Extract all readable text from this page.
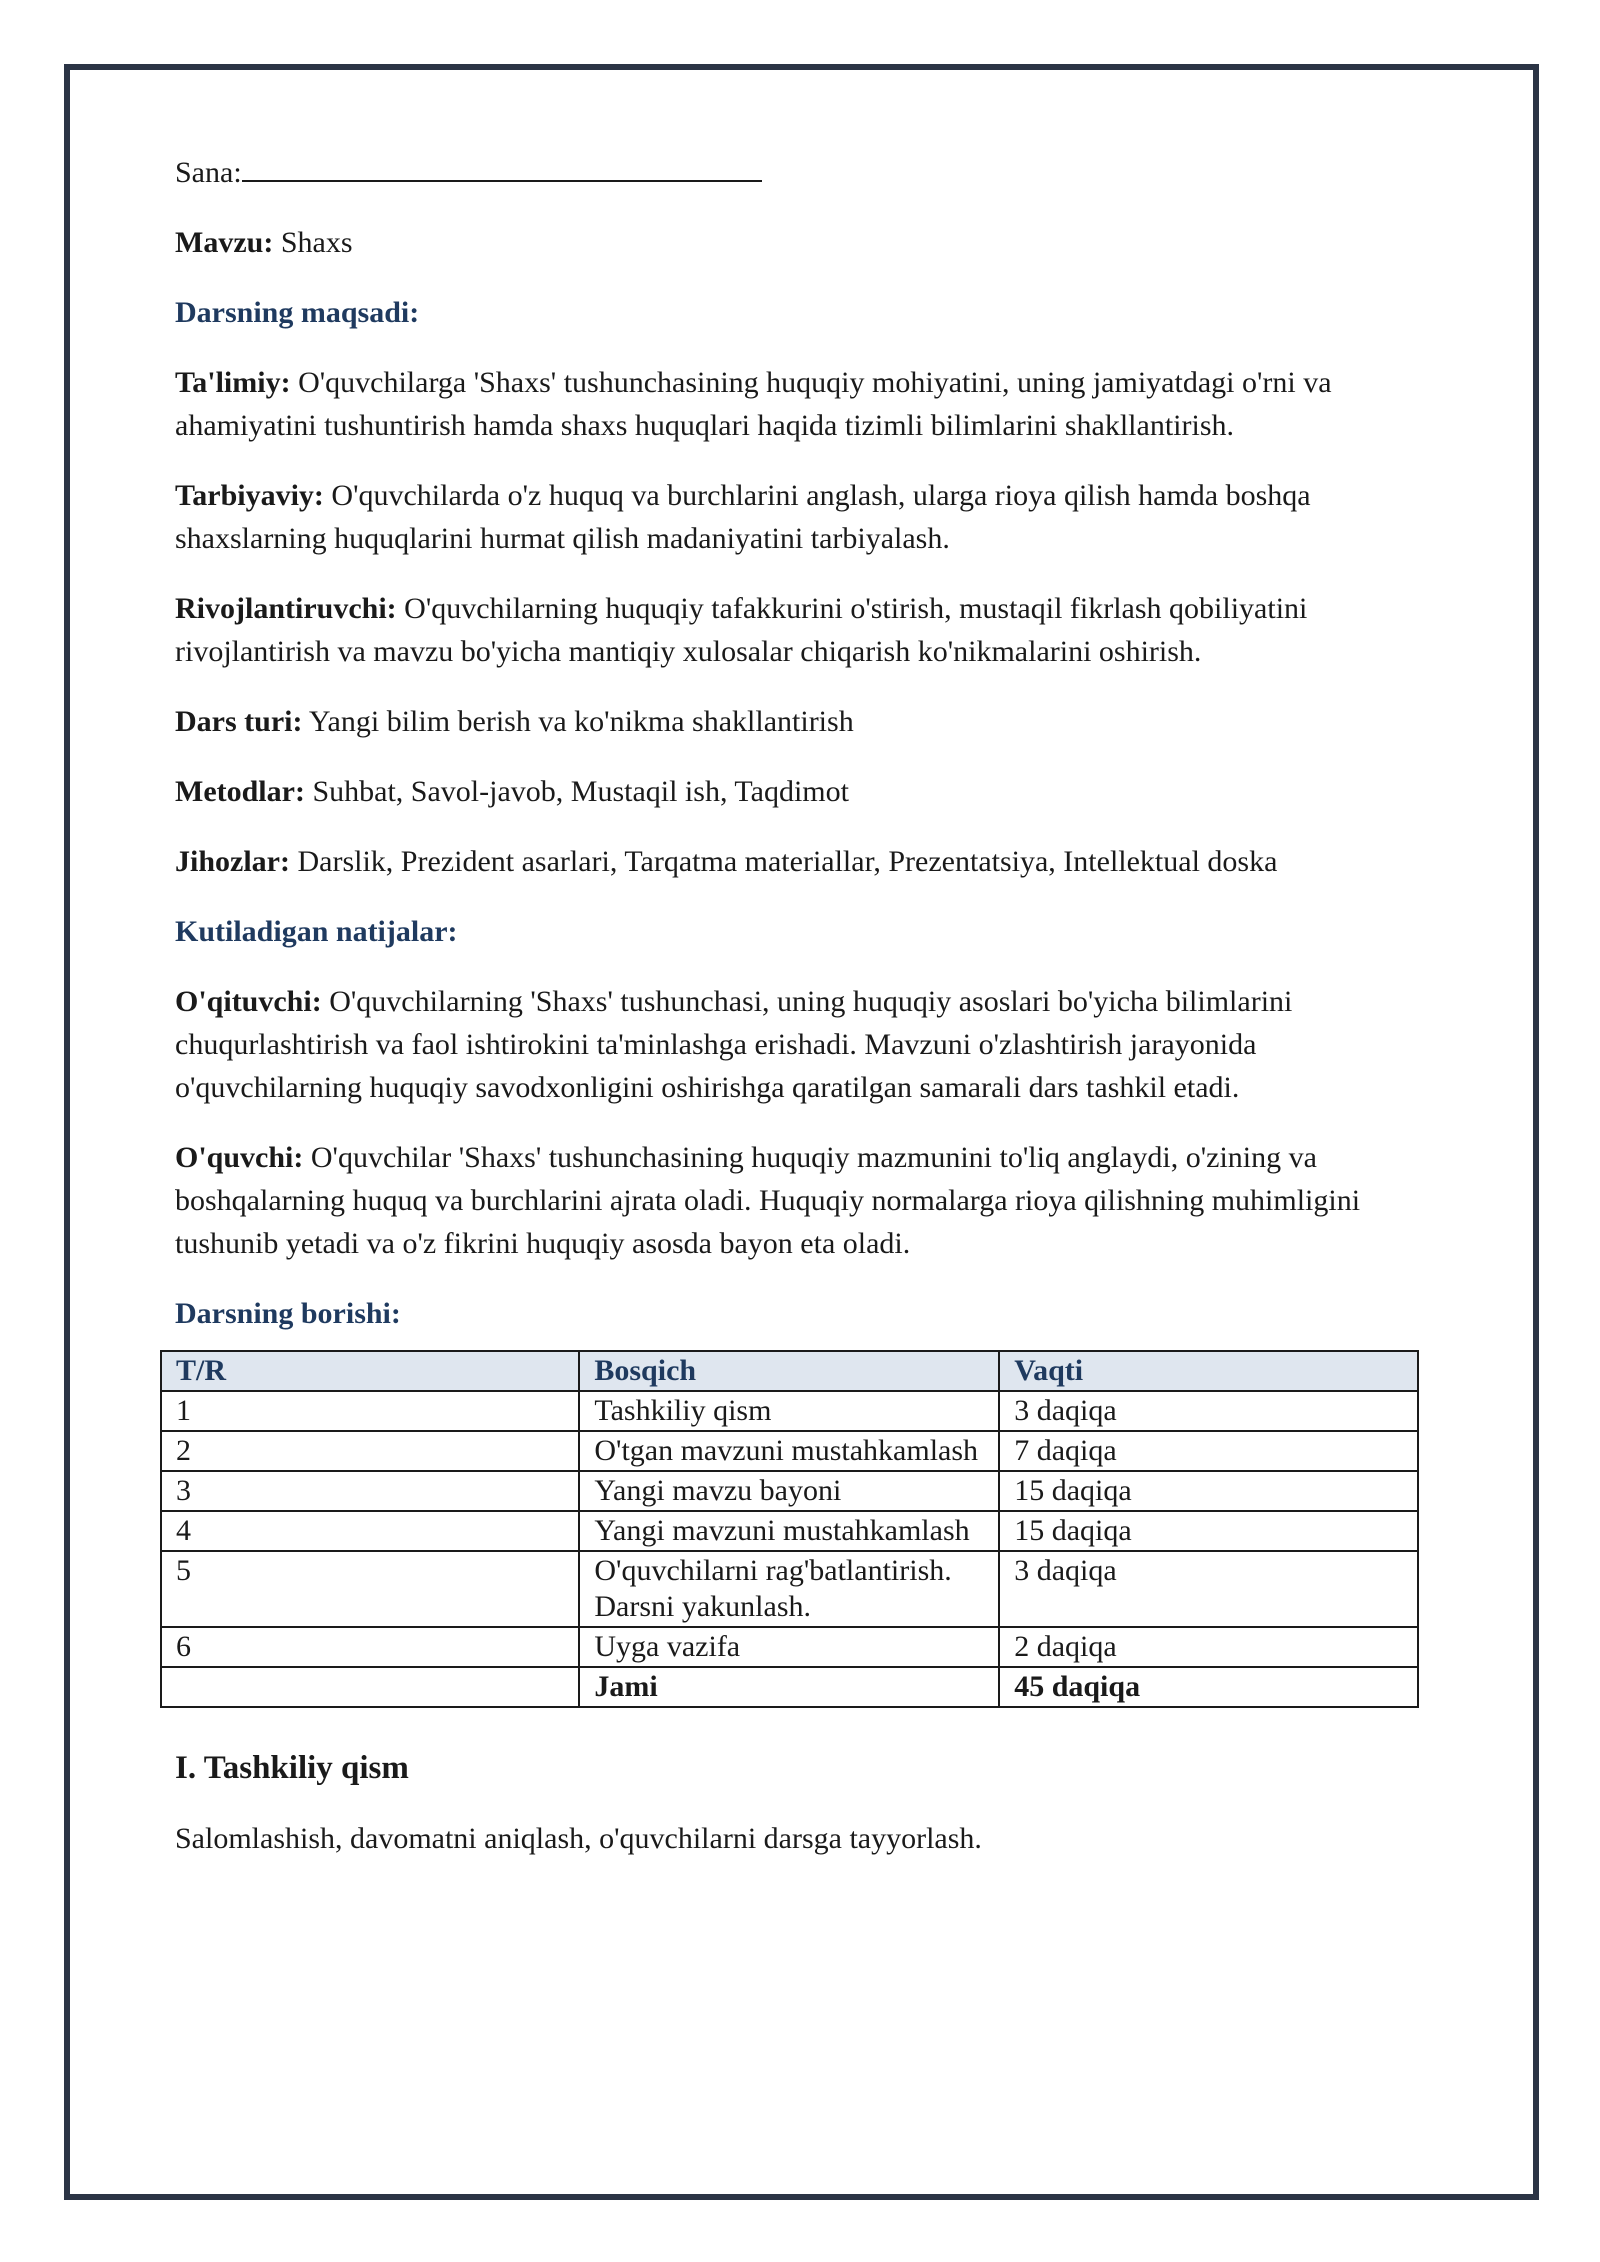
Sana:

Mavzu: Shaxs

Darsning maqsadi:

Ta'limiy: O'quvchilarga 'Shaxs' tushunchasining huquqiy mohiyatini, uning jamiyatdagi o'rni va ahamiyatini tushuntirish hamda shaxs huquqlari haqida tizimli bilimlarini shakllantirish.

Tarbiyaviy: O'quvchilarda o'z huquq va burchlarini anglash, ularga rioya qilish hamda boshqa shaxslarning huquqlarini hurmat qilish madaniyatini tarbiyalash.

Rivojlantiruvchi: O'quvchilarning huquqiy tafakkurini o'stirish, mustaqil fikrlash qobiliyatini rivojlantirish va mavzu bo'yicha mantiqiy xulosalar chiqarish ko'nikmalarini oshirish.

Dars turi: Yangi bilim berish va ko'nikma shakllantirish

Metodlar: Suhbat, Savol-javob, Mustaqil ish, Taqdimot

Jihozlar: Darslik, Prezident asarlari, Tarqatma materiallar, Prezentatsiya, Intellektual doska

Kutiladigan natijalar:

O'qituvchi: O'quvchilarning 'Shaxs' tushunchasi, uning huquqiy asoslari bo'yicha bilimlarini chuqurlashtirish va faol ishtirokini ta'minlashga erishadi. Mavzuni o'zlashtirish jarayonida o'quvchilarning huquqiy savodxonligini oshirishga qaratilgan samarali dars tashkil etadi.

O'quvchi: O'quvchilar 'Shaxs' tushunchasining huquqiy mazmunini to'liq anglaydi, o'zining va boshqalarning huquq va burchlarini ajrata oladi. Huquqiy normalarga rioya qilishning muhimligini tushunib yetadi va o'z fikrini huquqiy asosda bayon eta oladi.

Darsning borishi:

T/R	Bosqich	Vaqti
1	Tashkiliy qism	3 daqiqa
2	O'tgan mavzuni mustahkamlash	7 daqiqa
3	Yangi mavzu bayoni	15 daqiqa
4	Yangi mavzuni mustahkamlash	15 daqiqa
5	O'quvchilarni rag'batlantirish. Darsni yakunlash.	3 daqiqa
6	Uyga vazifa	2 daqiqa
	Jami	45 daqiqa
I. Tashkiliy qism

Salomlashish, davomatni aniqlash, o'quvchilarni darsga tayyorlash.
